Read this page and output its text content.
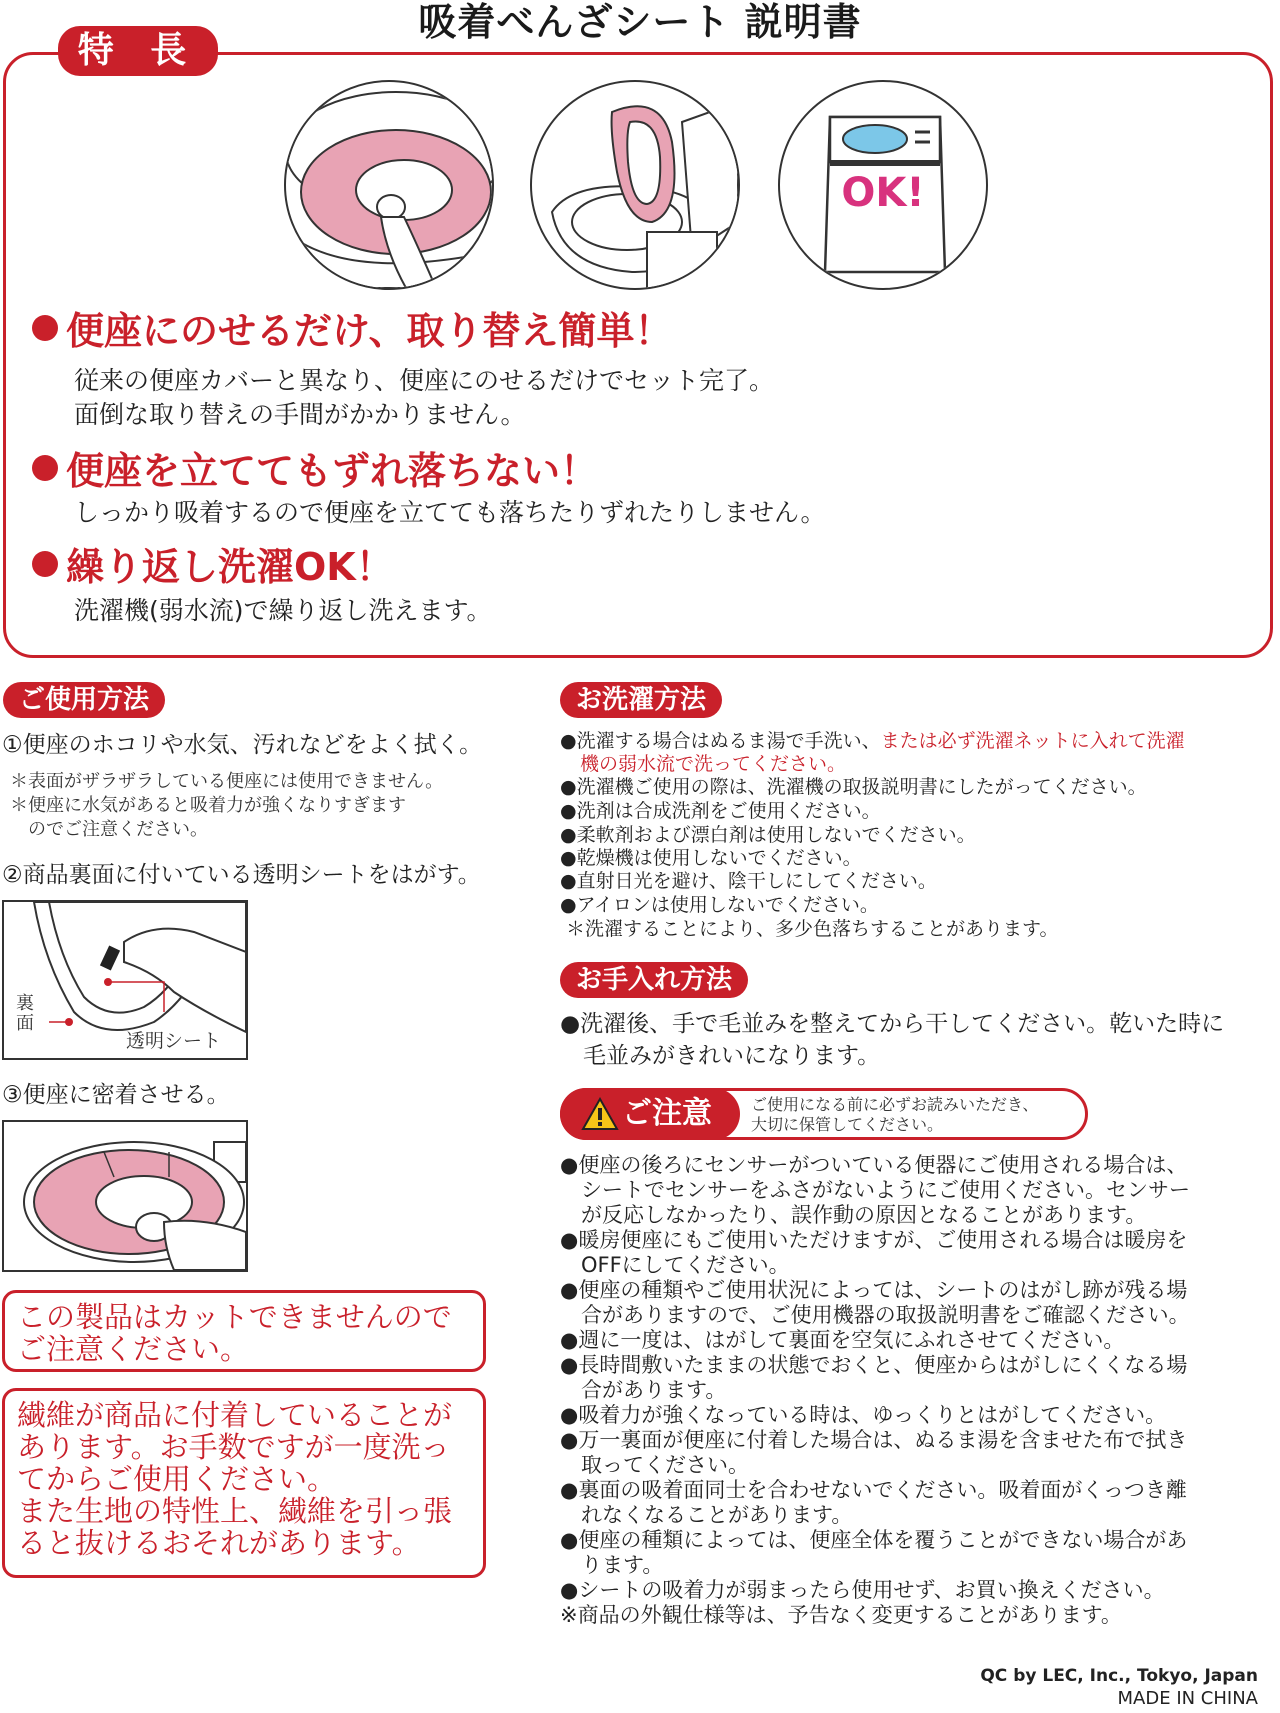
吸着べんざシート 説明書
特 長
OK!
便座にのせるだけ、取り替え簡単！
従来の便座カバーと異なり、便座にのせるだけでセット完了。
面倒な取り替えの手間がかかりません。
便座を立ててもずれ落ちない！
しっかり吸着するので便座を立てても落ちたりずれたりしません。
繰り返し洗濯OK！
洗濯機(弱水流)で繰り返し洗えます。
ご使用方法
①便座のホコリや水気、汚れなどをよく拭く。
＊表面がザラザラしている便座には使用できません。
＊便座に水気があると吸着力が強くなりすぎます
　のでご注意ください。
②商品裏面に付いている透明シートをはがす。
裏面
透明シート
③便座に密着させる。
この製品はカットできませんので
ご注意ください。
繊維が商品に付着していることが
あります。お手数ですが一度洗っ
てからご使用ください。
また生地の特性上、繊維を引っ張
ると抜けるおそれがあります。
お洗濯方法
●洗濯する場合はぬるま湯で手洗い、または必ず洗濯ネットに入れて洗濯
機の弱水流で洗ってください。
●洗濯機ご使用の際は、洗濯機の取扱説明書にしたがってください。
●洗剤は合成洗剤をご使用ください。
●柔軟剤および漂白剤は使用しないでください。
●乾燥機は使用しないでください。
●直射日光を避け、陰干しにしてください。
●アイロンは使用しないでください。
＊洗濯することにより、多少色落ちすることがあります。
お手入れ方法
●洗濯後、手で毛並みを整えてから干してください。乾いた時に
　毛並みがきれいになります。
ご注意	ご使用になる前に必ずお読みいただき、
大切に保管してください。
●便座の後ろにセンサーがついている便器にご使用される場合は、
　シートでセンサーをふさがないようにご使用ください。センサー
　が反応しなかったり、誤作動の原因となることがあります。
●暖房便座にもご使用いただけますが、ご使用される場合は暖房を
　OFFにしてください。
●便座の種類やご使用状況によっては、シートのはがし跡が残る場
　合がありますので、ご使用機器の取扱説明書をご確認ください。
●週に一度は、はがして裏面を空気にふれさせてください。
●長時間敷いたままの状態でおくと、便座からはがしにくくなる場
　合があります。
●吸着力が強くなっている時は、ゆっくりとはがしてください。
●万一裏面が便座に付着した場合は、ぬるま湯を含ませた布で拭き
　取ってください。
●裏面の吸着面同士を合わせないでください。吸着面がくっつき離
　れなくなることがあります。
●便座の種類によっては、便座全体を覆うことができない場合があ
　ります。
●シートの吸着力が弱まったら使用せず、お買い換えください。
※商品の外観仕様等は、予告なく変更することがあります。
QC by LEC, Inc., Tokyo, Japan
MADE IN CHINA
